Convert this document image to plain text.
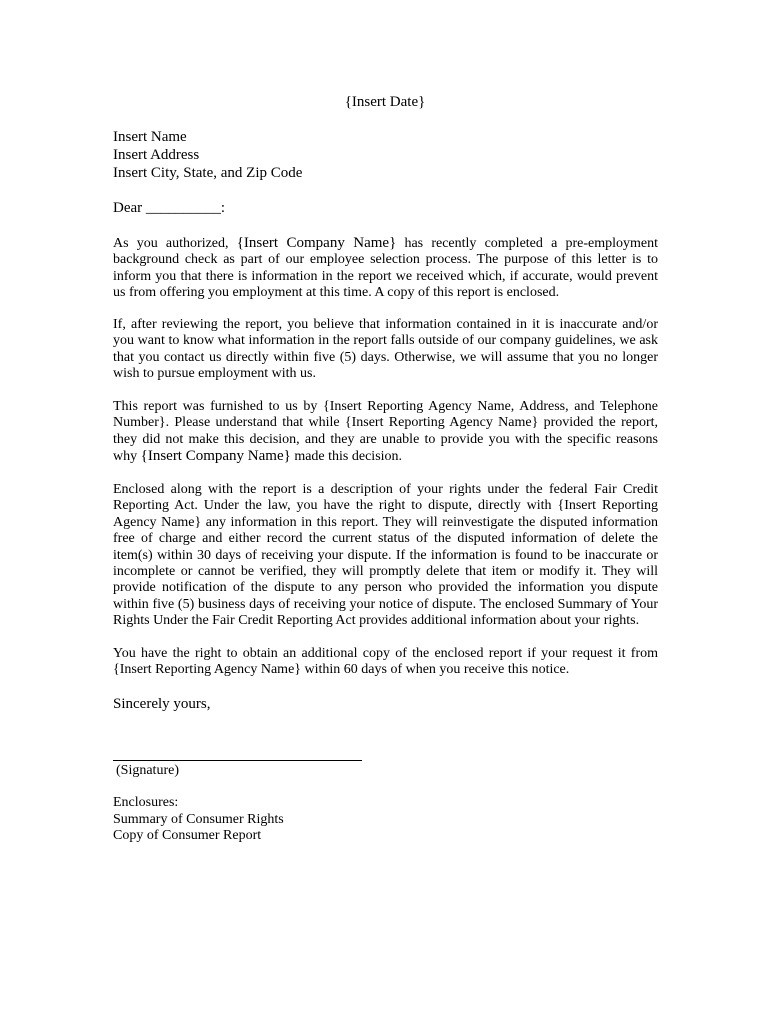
{Insert Date}
Insert Name
Insert Address
Insert City, State, and Zip Code
Dear __________:

As you authorized, {Insert Company Name} has recently completed a pre-employment background check as part of our employee selection process. The purpose of this letter is to inform you that there is information in the report we received which, if accurate, would prevent us from offering you employment at this time. A copy of this report is enclosed.

If, after reviewing the report, you believe that information contained in it is inaccurate and/or you want to know what information in the report falls outside of our company guidelines, we ask that you contact us directly within five (5) days. Otherwise, we will assume that you no longer wish to pursue employment with us.

This report was furnished to us by {Insert Reporting Agency Name, Address, and Telephone Number}. Please understand that while {Insert Reporting Agency Name} provided the report, they did not make this decision, and they are unable to provide you with the specific reasons why {Insert Company Name} made this decision.

Enclosed along with the report is a description of your rights under the federal Fair Credit Reporting Act. Under the law, you have the right to dispute, directly with {Insert Reporting Agency Name} any information in this report. They will reinvestigate the disputed information free of charge and either record the current status of the disputed information of delete the item(s) within 30 days of receiving your dispute. If the information is found to be inaccurate or incomplete or cannot be verified, they will promptly delete that item or modify it. They will provide notification of the dispute to any person who provided the information you dispute within five (5) business days of receiving your notice of dispute. The enclosed Summary of Your Rights Under the Fair Credit Reporting Act provides additional information about your rights.

You have the right to obtain an additional copy of the enclosed report if your request it from {Insert Reporting Agency Name} within 60 days of when you receive this notice.

Sincerely yours,
(Signature)
Enclosures:
Summary of Consumer Rights
Copy of Consumer Report
